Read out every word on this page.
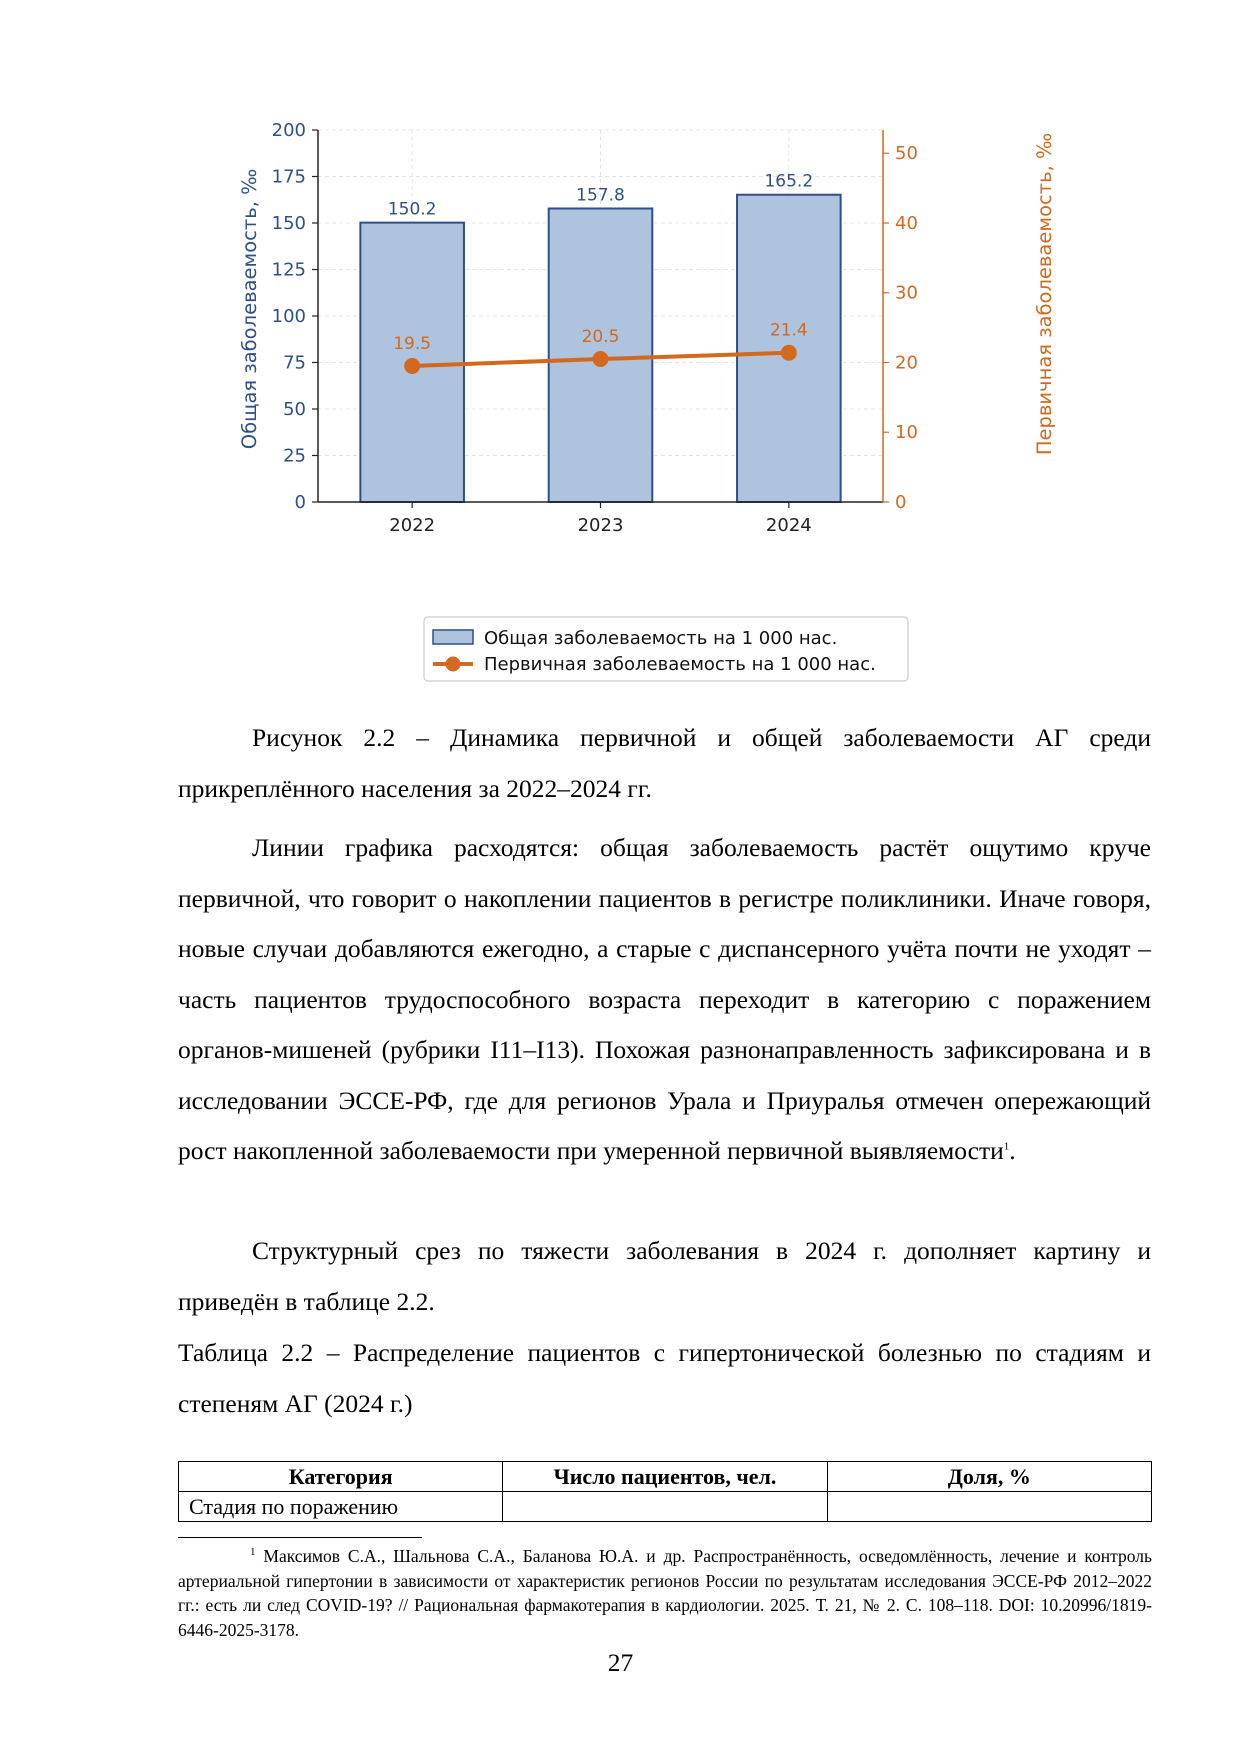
150.2
157.8
165.2
19.5	20.5	21.4
0
25
50
75
100
125
150
175
200
0
10
20
30
40
50
2022	2023	2024
Общая заболеваемость, ‰	Первичная заболеваемость, ‰
Общая заболеваемость на 1 000 нас.
Первичная заболеваемость на 1 000 нас.

Рисунок 2.2 – Динамика первичной и общей заболеваемости АГ среди
прикреплённого населения за 2022–2024 гг.

Линии графика расходятся: общая заболеваемость растёт ощутимо круче первичной, что говорит о накоплении пациентов в регистре поликлиники. Иначе говоря, новые случаи добавляются ежегодно, а старые с диспансерного учёта почти не уходят – часть пациентов трудоспособного возраста переходит в категорию с поражением органов-мишеней (рубрики I11–I13). Похожая разнонаправленность зафиксирована и в исследовании ЭССЕ-РФ, где для регионов Урала и Приуралья отмечен опережающий рост накопленной заболеваемости при умеренной первичной выявляемости$^1$.

Структурный срез по тяжести заболевания в 2024 г. дополняет картину и приведён в таблице 2.2.

Таблица 2.2 – Распределение пациентов с гипертонической болезнью по стадиям и степеням АГ (2024 г.)

Категория	Число пациентов, чел.	Доля, %
Стадия по поражению		

$^1$ Максимов С.А., Шальнова С.А., Баланова Ю.А. и др. Распространённость, осведомлённость, лечение и контроль артериальной гипертонии в зависимости от характеристик регионов России по результатам исследования ЭССЕ-РФ 2012–2022 гг.: есть ли след COVID-19? // Рациональная фармакотерапия в кардиологии. 2025. Т. 21, № 2. С. 108–118. DOI: 10.20996/1819-6446-2025-3178.

27
